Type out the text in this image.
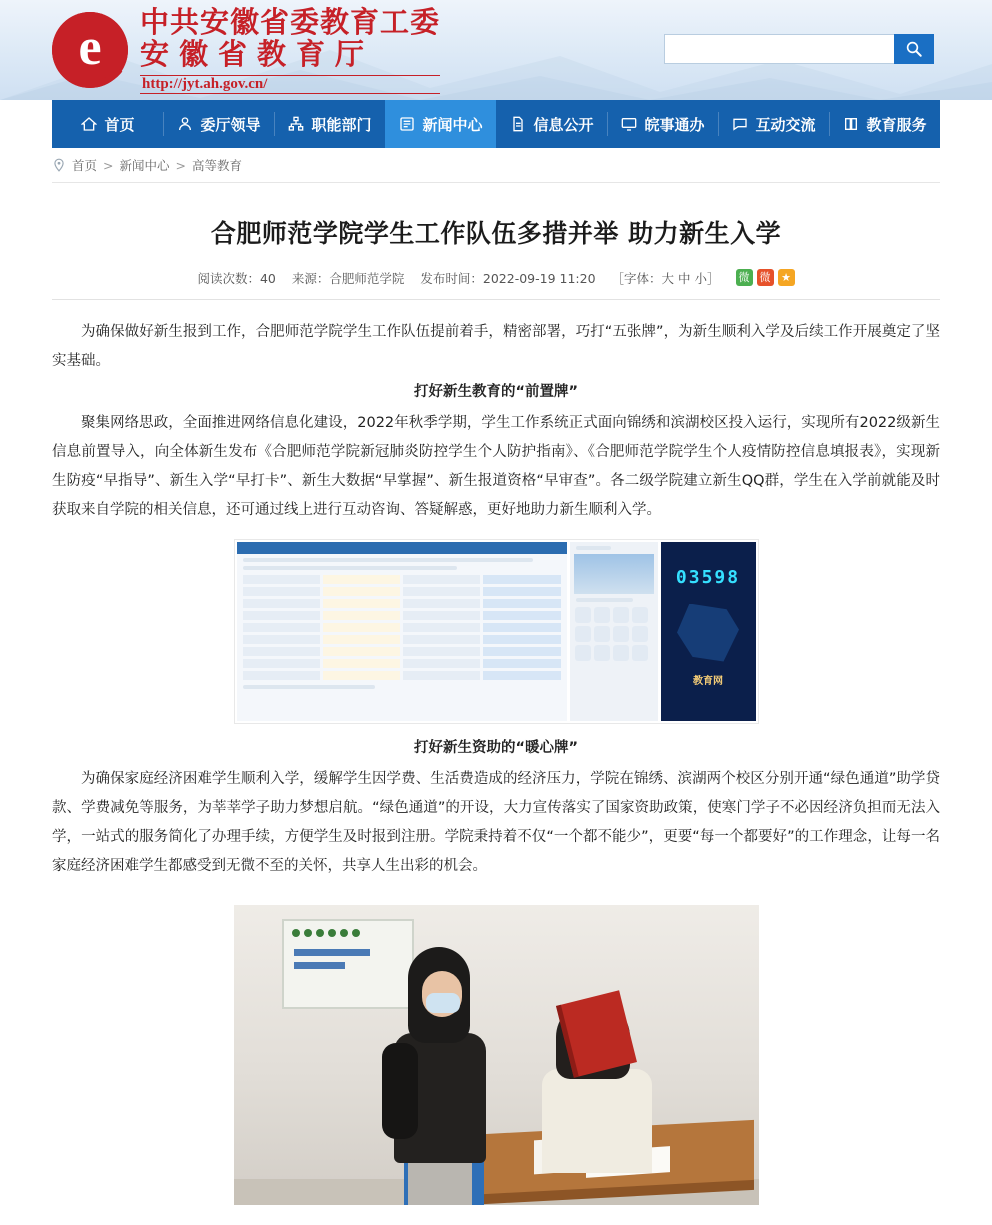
e 中共安徽省委教育工委
安徽省教育厅
http://jyt.ah.gov.cn/
首页	委厅领导	职能部门	新闻中心	信息公开	皖事通办	互动交流	教育服务
首页 > 新闻中心 > 高等教育
合肥师范学院学生工作队伍多措并举 助力新生入学
阅读次数：40 来源：合肥师范学院 发布时间：2022-09-19 11:20 ［字体：大 中 小］ 微 微 ★

为确保做好新生报到工作，合肥师范学院学生工作队伍提前着手，精密部署，巧打“五张牌”，为新生顺利入学及后续工作开展奠定了坚实基础。

打好新生教育的“前置牌”

聚集网络思政，全面推进网络信息化建设，2022年秋季学期，学生工作系统正式面向锦绣和滨湖校区投入运行，实现所有2022级新生信息前置导入，向全体新生发布《合肥师范学院新冠肺炎防控学生个人防护指南》、《合肥师范学院学生个人疫情防控信息填报表》，实现新生防疫“早指导”、新生入学“早打卡”、新生大数据“早掌握”、新生报道资格“早审查”。各二级学院建立新生QQ群，学生在入学前就能及时获取来自学院的相关信息，还可通过线上进行互动咨询、答疑解惑，更好地助力新生顺利入学。

03598
教育网

打好新生资助的“暖心牌”

为确保家庭经济困难学生顺利入学，缓解学生因学费、生活费造成的经济压力，学院在锦绣、滨湖两个校区分别开通“绿色通道”助学贷款、学费减免等服务，为莘莘学子助力梦想启航。“绿色通道”的开设，大力宣传落实了国家资助政策，使寒门学子不必因经济负担而无法入学，一站式的服务简化了办理手续，方便学生及时报到注册。学院秉持着不仅“一个都不能少”，更要“每一个都要好”的工作理念，让每一名家庭经济困难学生都感受到无微不至的关怀，共享人生出彩的机会。
